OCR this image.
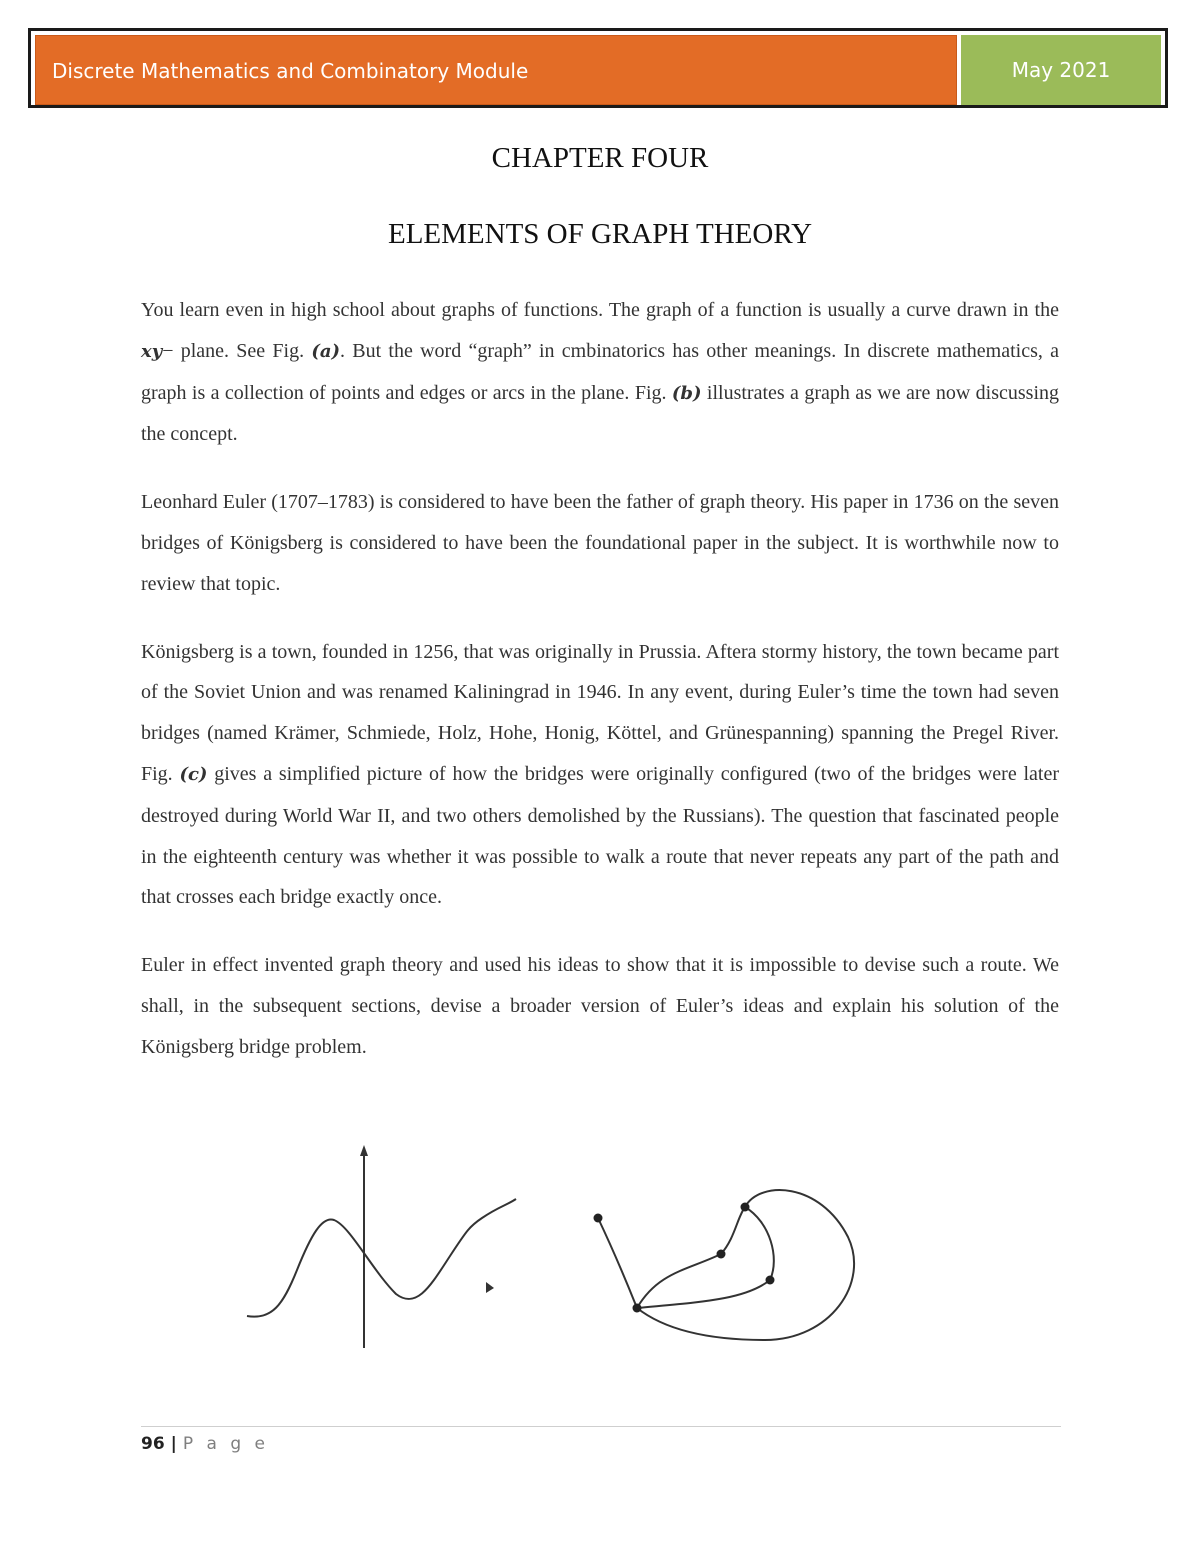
Discrete Mathematics and Combinatory Module	May 2021
CHAPTER FOUR
ELEMENTS OF GRAPH THEORY

You learn even in high school about graphs of functions. The graph of a function is usually a curve drawn in the xy− plane. See Fig. (a). But the word “graph” in cmbinatorics has other meanings. In discrete mathematics, a graph is a collection of points and edges or arcs in the plane. Fig. (b) illustrates a graph as we are now discussing the concept.

Leonhard Euler (1707–1783) is considered to have been the father of graph theory. His paper in 1736 on the seven bridges of Königsberg is considered to have been the foundational paper in the subject. It is worthwhile now to review that topic.

Königsberg is a town, founded in 1256, that was originally in Prussia. Aftera stormy history, the town became part of the Soviet Union and was renamed Kaliningrad in 1946. In any event, during Euler’s time the town had seven bridges (named Krämer, Schmiede, Holz, Hohe, Honig, Köttel, and Grünespanning) spanning the Pregel River. Fig. (c) gives a simplified picture of how the bridges were originally configured (two of the bridges were later destroyed during World War II, and two others demolished by the Russians). The question that fascinated people in the eighteenth century was whether it was possible to walk a route that never repeats any part of the path and that crosses each bridge exactly once.

Euler in effect invented graph theory and used his ideas to show that it is impossible to devise such a route. We shall, in the subsequent sections, devise a broader version of Euler’s ideas and explain his solution of the Königsberg bridge problem.

96 | P a g e
